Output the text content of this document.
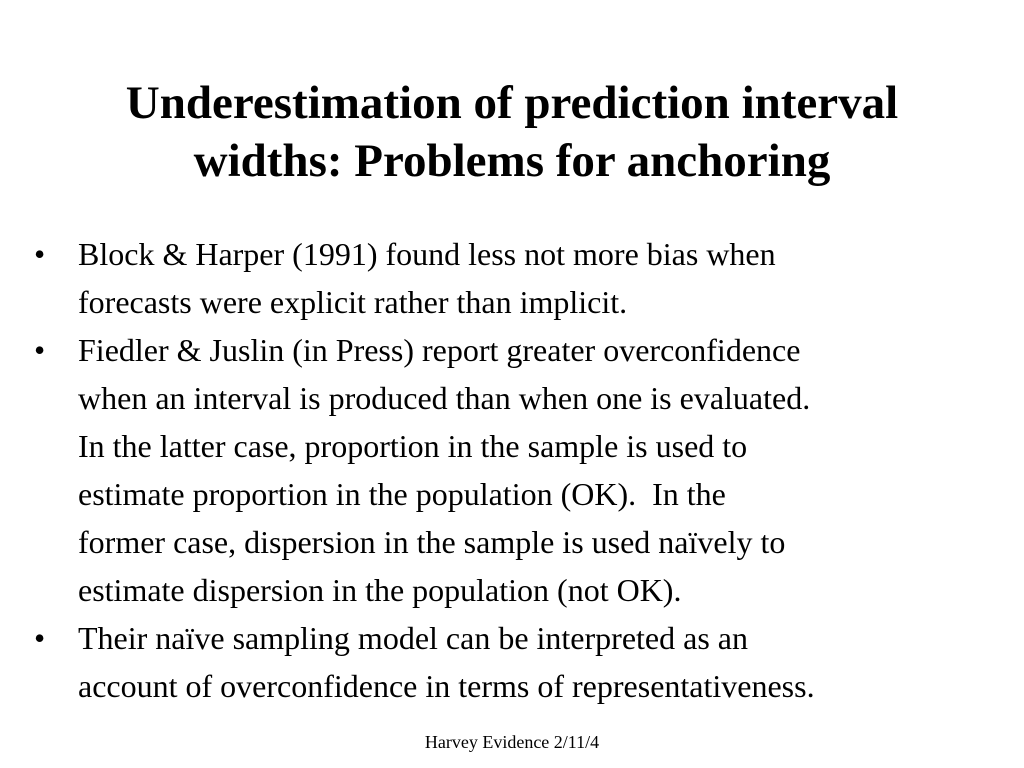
Underestimation of prediction interval
widths: Problems for anchoring
•	Block & Harper (1991) found less not more bias when
forecasts were explicit rather than implicit.
•	Fiedler & Juslin (in Press) report greater overconfidence
when an interval is produced than when one is evaluated.
In the latter case, proportion in the sample is used to
estimate proportion in the population (OK).  In the
former case, dispersion in the sample is used naïvely to
estimate dispersion in the population (not OK).
•	Their naïve sampling model can be interpreted as an
account of overconfidence in terms of representativeness.
Harvey Evidence 2/11/4
